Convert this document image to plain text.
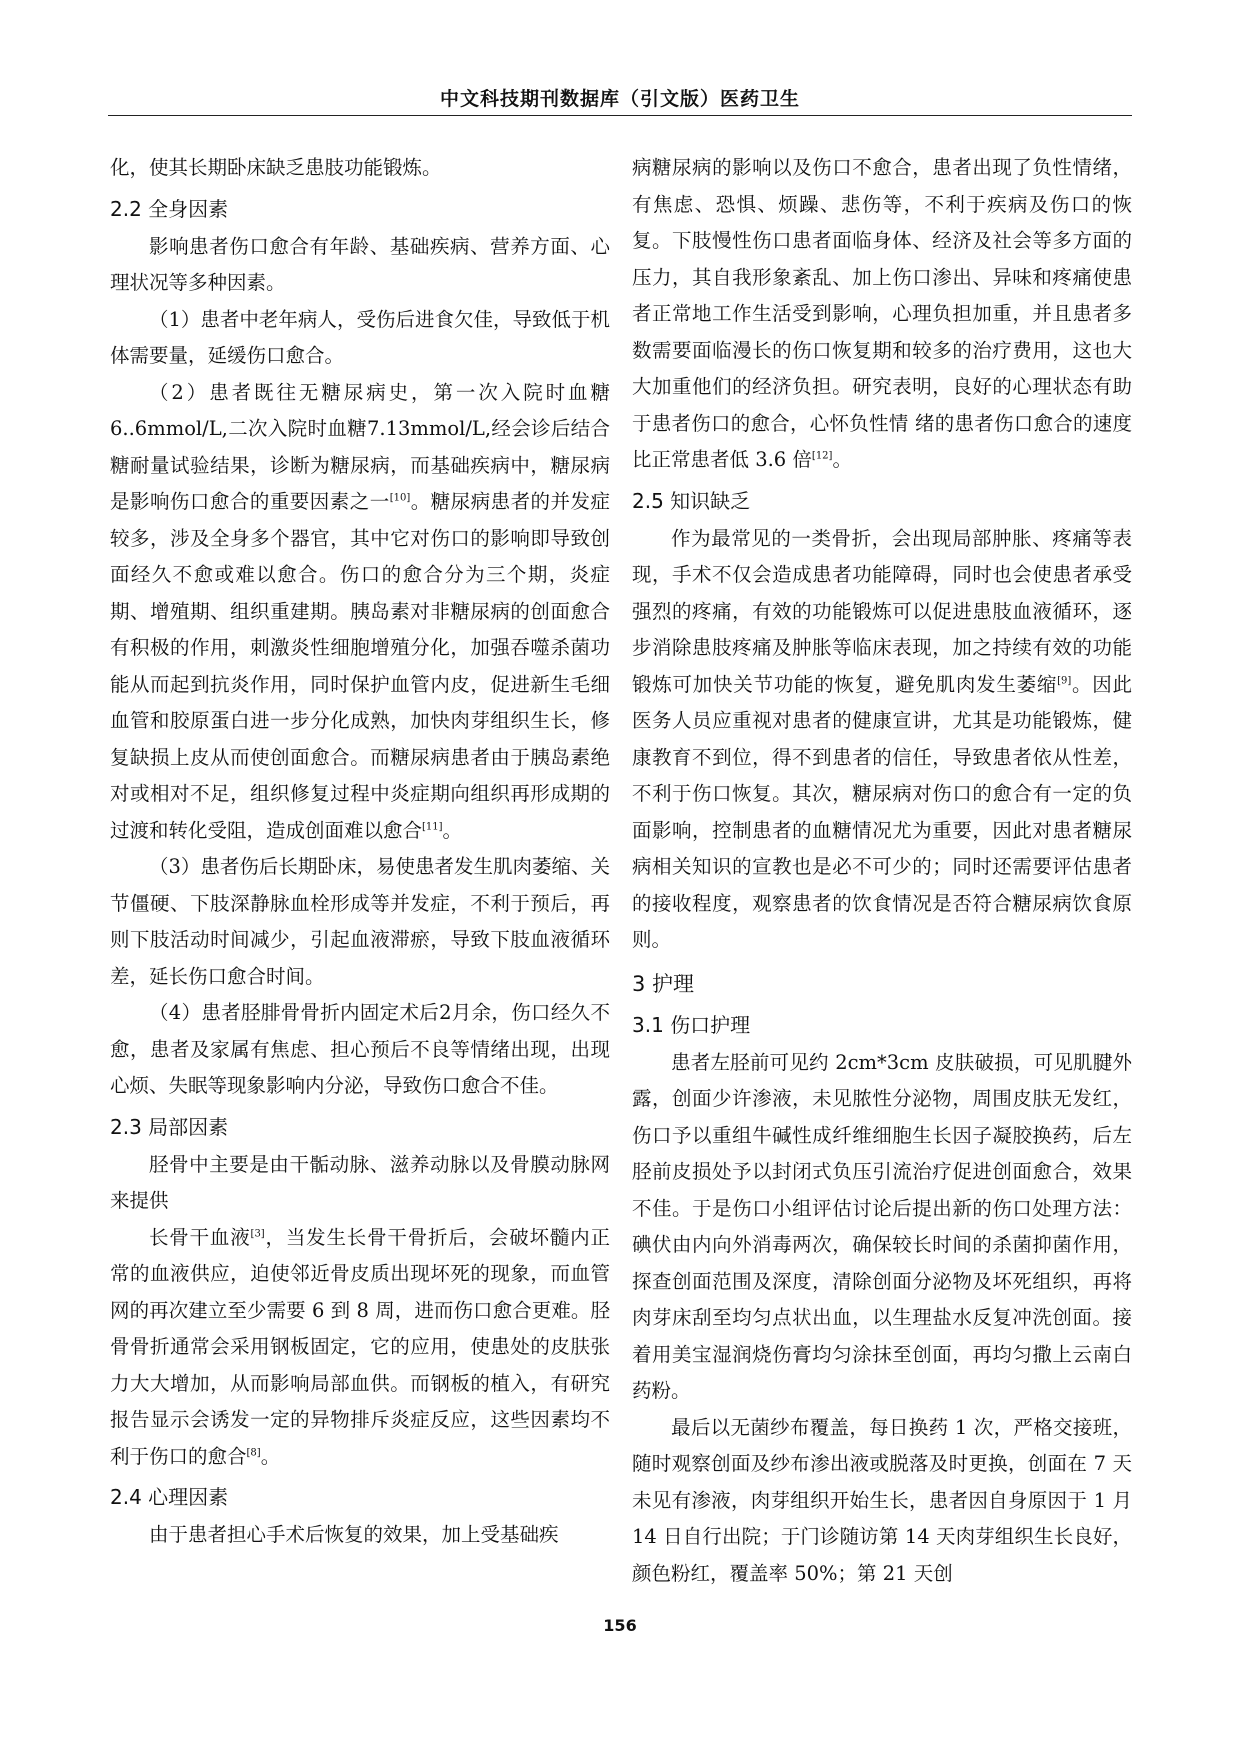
中文科技期刊数据库（引文版）医药卫生

化，使其长期卧床缺乏患肢功能锻炼。

2.2 全身因素

影响患者伤口愈合有年龄、基础疾病、营养方面、心理状况等多种因素。

（1）患者中老年病人，受伤后进食欠佳，导致低于机体需要量，延缓伤口愈合。

（2）患者既往无糖尿病史，第一次入院时血糖6..6mmol/L,二次入院时血糖7.13mmol/L,经会诊后结合糖耐量试验结果，诊断为糖尿病，而基础疾病中，糖尿病是影响伤口愈合的重要因素之一[10]。糖尿病患者的并发症较多，涉及全身多个器官，其中它对伤口的影响即导致创面经久不愈或难以愈合。伤口的愈合分为三个期，炎症期、增殖期、组织重建期。胰岛素对非糖尿病的创面愈合有积极的作用，刺激炎性细胞增殖分化，加强吞噬杀菌功能从而起到抗炎作用，同时保护血管内皮，促进新生毛细血管和胶原蛋白进一步分化成熟，加快肉芽组织生长，修复缺损上皮从而使创面愈合。而糖尿病患者由于胰岛素绝对或相对不足，组织修复过程中炎症期向组织再形成期的过渡和转化受阻，造成创面难以愈合[11]。

（3）患者伤后长期卧床，易使患者发生肌肉萎缩、关节僵硬、下肢深静脉血栓形成等并发症，不利于预后，再则下肢活动时间减少，引起血液滞瘀，导致下肢血液循环差，延长伤口愈合时间。

（4）患者胫腓骨骨折内固定术后2月余，伤口经久不愈，患者及家属有焦虑、担心预后不良等情绪出现，出现心烦、失眠等现象影响内分泌，导致伤口愈合不佳。

2.3 局部因素

胫骨中主要是由干骺动脉、滋养动脉以及骨膜动脉网来提供

长骨干血液[3]，当发生长骨干骨折后，会破坏髓内正常的血液供应，迫使邻近骨皮质出现坏死的现象，而血管网的再次建立至少需要 6 到 8 周，进而伤口愈合更难。胫骨骨折通常会采用钢板固定，它的应用，使患处的皮肤张力大大增加，从而影响局部血供。而钢板的植入，有研究报告显示会诱发一定的异物排斥炎症反应，这些因素均不利于伤口的愈合[8]。

2.4 心理因素

由于患者担心手术后恢复的效果，加上受基础疾

病糖尿病的影响以及伤口不愈合，患者出现了负性情绪，有焦虑、恐惧、烦躁、悲伤等，不利于疾病及伤口的恢复。下肢慢性伤口患者面临身体、经济及社会等多方面的压力，其自我形象紊乱、加上伤口渗出、异味和疼痛使患者正常地工作生活受到影响，心理负担加重，并且患者多数需要面临漫长的伤口恢复期和较多的治疗费用，这也大大加重他们的经济负担。研究表明，良好的心理状态有助于患者伤口的愈合，心怀负性情 绪的患者伤口愈合的速度比正常患者低 3.6 倍[12]。

2.5 知识缺乏

作为最常见的一类骨折，会出现局部肿胀、疼痛等表现，手术不仅会造成患者功能障碍，同时也会使患者承受强烈的疼痛，有效的功能锻炼可以促进患肢血液循环，逐步消除患肢疼痛及肿胀等临床表现，加之持续有效的功能锻炼可加快关节功能的恢复，避免肌肉发生萎缩[9]。因此医务人员应重视对患者的健康宣讲，尤其是功能锻炼，健康教育不到位，得不到患者的信任，导致患者依从性差，不利于伤口恢复。其次，糖尿病对伤口的愈合有一定的负面影响，控制患者的血糖情况尤为重要，因此对患者糖尿病相关知识的宣教也是必不可少的；同时还需要评估患者的接收程度，观察患者的饮食情况是否符合糖尿病饮食原则。

3 护理
3.1 伤口护理

患者左胫前可见约 2cm*3cm 皮肤破损，可见肌腱外露，创面少许渗液，未见脓性分泌物，周围皮肤无发红，伤口予以重组牛碱性成纤维细胞生长因子凝胶换药，后左胫前皮损处予以封闭式负压引流治疗促进创面愈合，效果不佳。于是伤口小组评估讨论后提出新的伤口处理方法：碘伏由内向外消毒两次，确保较长时间的杀菌抑菌作用，探查创面范围及深度，清除创面分泌物及坏死组织，再将肉芽床刮至均匀点状出血，以生理盐水反复冲洗创面。接着用美宝湿润烧伤膏均匀涂抹至创面，再均匀撒上云南白药粉。

最后以无菌纱布覆盖，每日换药 1 次，严格交接班，随时观察创面及纱布渗出液或脱落及时更换，创面在 7 天未见有渗液，肉芽组织开始生长，患者因自身原因于 1 月 14 日自行出院；于门诊随访第 14 天肉芽组织生长良好，颜色粉红，覆盖率 50%；第 21 天创

156
